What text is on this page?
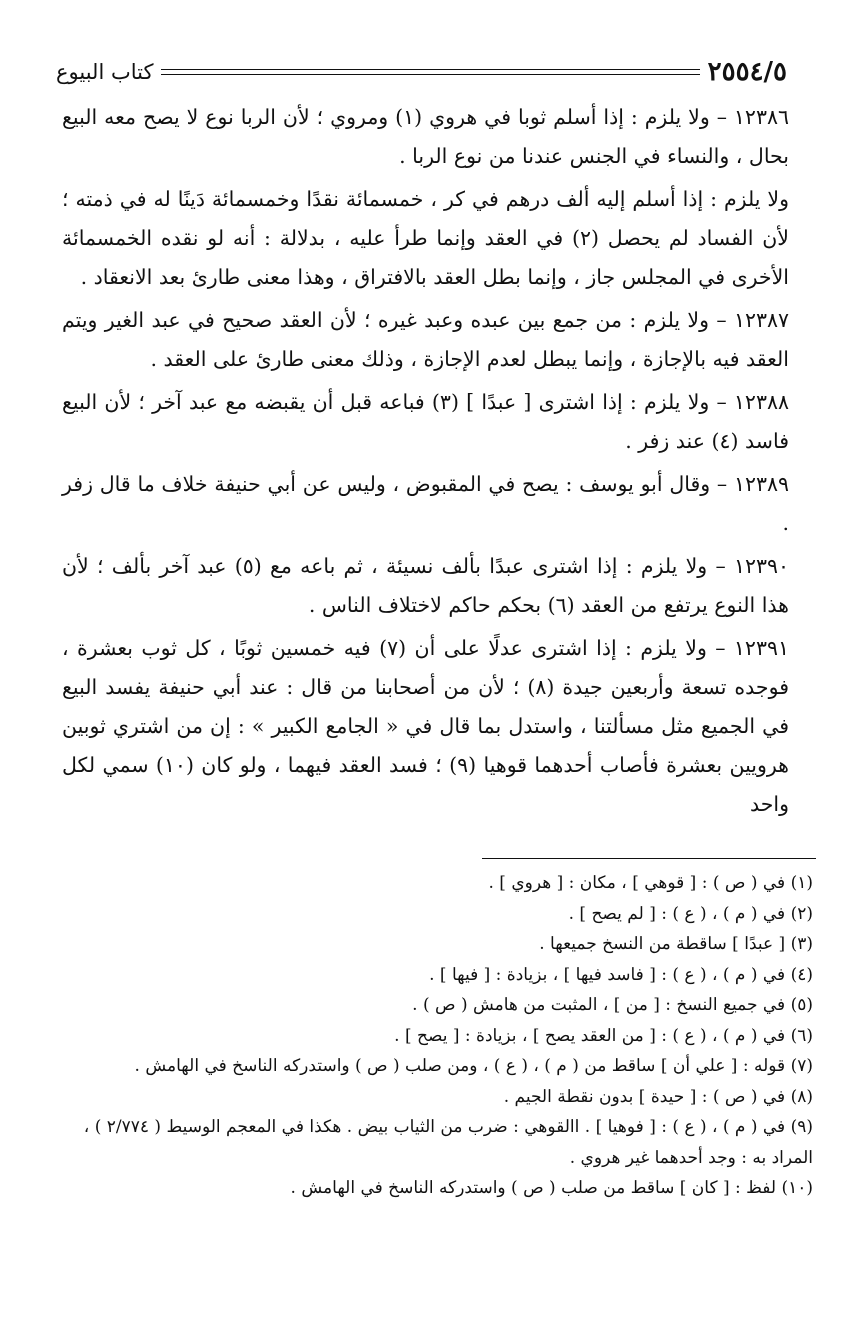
٢٥٥٤/٥
كتاب البيوع

١٢٣٨٦ – ولا يلزم : إذا أسلم ثوبا في هروي (١) ومروي ؛ لأن الربا نوع لا يصح معه البيع بحال ، والنساء في الجنس عندنا من نوع الربا .

ولا يلزم : إذا أسلم إليه ألف درهم في كر ، خمسمائة نقدًا وخمسمائة دَينًا له في ذمته ؛ لأن الفساد لم يحصل (٢) في العقد وإنما طرأ عليه ، بدلالة : أنه لو نقده الخمسمائة الأخرى في المجلس جاز ، وإنما بطل العقد بالافتراق ، وهذا معنى طارئ بعد الانعقاد .

١٢٣٨٧ – ولا يلزم : من جمع بين عبده وعبد غيره ؛ لأن العقد صحيح في عبد الغير ويتم العقد فيه بالإجازة ، وإنما يبطل لعدم الإجازة ، وذلك معنى طارئ على العقد .

١٢٣٨٨ – ولا يلزم : إذا اشترى [ عبدًا ] (٣) فباعه قبل أن يقبضه مع عبد آخر ؛ لأن البيع فاسد (٤) عند زفر .

١٢٣٨٩ – وقال أبو يوسف : يصح في المقبوض ، وليس عن أبي حنيفة خلاف ما قال زفر .

١٢٣٩٠ – ولا يلزم : إذا اشترى عبدًا بألف نسيئة ، ثم باعه مع (٥) عبد آخر بألف ؛ لأن هذا النوع يرتفع من العقد (٦) بحكم حاكم لاختلاف الناس .

١٢٣٩١ – ولا يلزم : إذا اشترى عدلًا على أن (٧) فيه خمسين ثوبًا ، كل ثوب بعشرة ، فوجده تسعة وأربعين جيدة (٨) ؛ لأن من أصحابنا من قال : عند أبي حنيفة يفسد البيع في الجميع مثل مسألتنا ، واستدل بما قال في « الجامع الكبير » : إن من اشتري ثوبين هرويين بعشرة فأصاب أحدهما قوهيا (٩) ؛ فسد العقد فيهما ، ولو كان (١٠) سمي لكل واحد

(١) في ( ص ) : [ قوهي ] ، مكان : [ هروي ] .

(٢) في ( م ) ، ( ع ) : [ لم يصح ] .

(٣) [ عبدًا ] ساقطة من النسخ جميعها .

(٤) في ( م ) ، ( ع ) : [ فاسد فيها ] ، بزيادة : [ فيها ] .

(٥) في جميع النسخ : [ من ] ، المثبت من هامش ( ص ) .

(٦) في ( م ) ، ( ع ) : [ من العقد يصح ] ، بزيادة : [ يصح ] .

(٧) قوله : [ علي أن ] ساقط من ( م ) ، ( ع ) ، ومن صلب ( ص ) واستدركه الناسخ في الهامش .

(٨) في ( ص ) : [ حيدة ] بدون نقطة الجيم .

(٩) في ( م ) ، ( ع ) : [ فوهيا ] . االقوهي : ضرب من الثياب بيض . هكذا في المعجم الوسيط ( ٢/٧٧٤ ) ،

المراد به : وجد أحدهما غير هروي .

(١٠) لفظ : [ كان ] ساقط من صلب ( ص ) واستدركه الناسخ في الهامش .
